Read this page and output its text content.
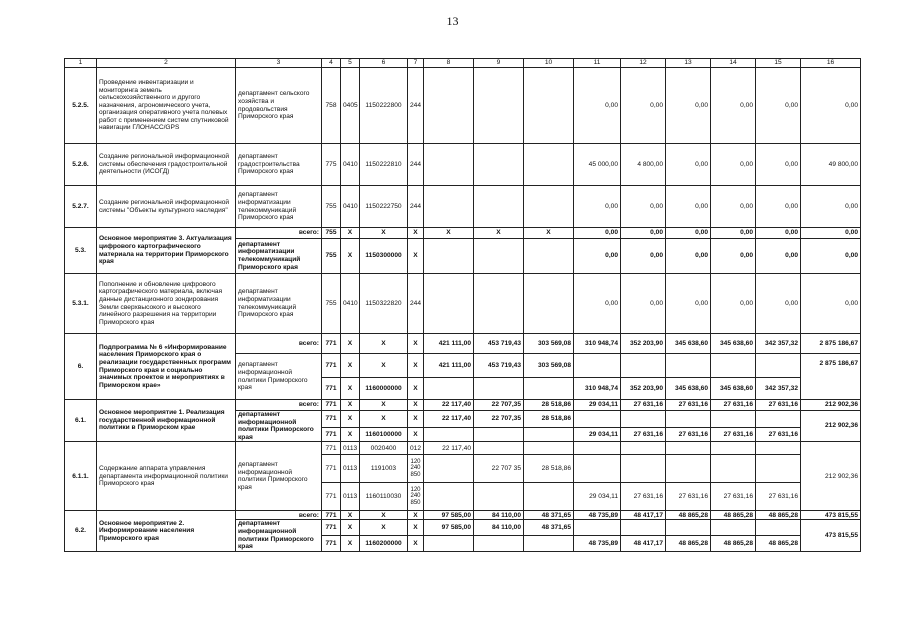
13
1	2	3	4	5	6	7	8	9	10	11	12	13	14	15	16
5.2.5.	Проведение инвентаризации и мониторинга земель сельскохозяйственного и другого назначения, агрономического учета, организация оперативного учета полевых работ с применением систем спутниковой навигации ГЛОНАСС/GPS	департамент сельского хозяйства и продовольствия Приморского края	758	0405	1150222800	244				0,00	0,00	0,00	0,00	0,00	0,00
5.2.6.	Создание региональной информационной системы обеспечения градостроительной деятельности (ИСОГД)	департамент градостроительства Приморского края	775	0410	1150222810	244				45 000,00	4 800,00	0,00	0,00	0,00	49 800,00
5.2.7.	Создание региональной информационной системы "Объекты культурного наследия"	департамент информатизации телекоммуникаций Приморского края	755	0410	1150222750	244				0,00	0,00	0,00	0,00	0,00	0,00
5.3.	Основное мероприятие 3. Актуализация цифрового картографического материала на территории Приморского края	всего:	755	X	X	X	X	X	X	0,00	0,00	0,00	0,00	0,00	0,00
		департамент информатизации телекоммуникаций Приморского края	755	X	1150300000	X				0,00	0,00	0,00	0,00	0,00	0,00
5.3.1.	Пополнение и обновление цифрового картографического материала, включая данные дистанционного зондирования Земли сверхвысокого и высокого линейного разрешения на территории Приморского края	департамент информатизации телекоммуникаций Приморского края	755	0410	1150322820	244				0,00	0,00	0,00	0,00	0,00	0,00
6.	Подпрограмма № 6 «Информирование населения Приморского края о реализации государственных программ Приморского края и социально значимых проектов и мероприятиях в Приморском крае»	всего:	771	X	X	X	421 111,00	453 719,43	303 569,08	310 948,74	352 203,90	345 638,60	345 638,60	342 357,32	2 875 186,67
		департамент информационной политики Приморского края	771	X	X	X	421 111,00	453 719,43	303 569,08						2 875 186,67
			771	X	1160000000	X				310 948,74	352 203,90	345 638,60	345 638,60	342 357,32	
6.1.	Основное мероприятие 1. Реализация государственной информационной политики в Приморском крае	всего:	771	X	X	X	22 117,40	22 707,35	28 518,86	29 034,11	27 631,16	27 631,16	27 631,16	27 631,16	212 902,36
		департамент информационной политики Приморского края	771	X	X	X	22 117,40	22 707,35	28 518,86						212 902,36
			771	X	1160100000	X				29 034,11	27 631,16	27 631,16	27 631,16	27 631,16	
6.1.1.	Содержание аппарата управления департамента информационной политики Приморского края	департамент информационной политики Приморского края	771	0113	0020400	012	22 117,40								212 902,36
			771	0113	1191003	120 240 850		22 707 35	28 518,86						
			771	0113	1160110030	120 240 850				29 034,11	27 631,16	27 631,16	27 631,16	27 631,16	
6.2.	Основное мероприятие 2. Информирование населения Приморского края	всего:	771	X	X	X	97 585,00	84 110,00	48 371,65	48 735,89	48 417,17	48 865,28	48 865,28	48 865,28	473 815,55
		департамент информационной политики Приморского края	771	X	X	X	97 585,00	84 110,00	48 371,65						473 815,55
			771	X	1160200000	X				48 735,89	48 417,17	48 865,28	48 865,28	48 865,28	
